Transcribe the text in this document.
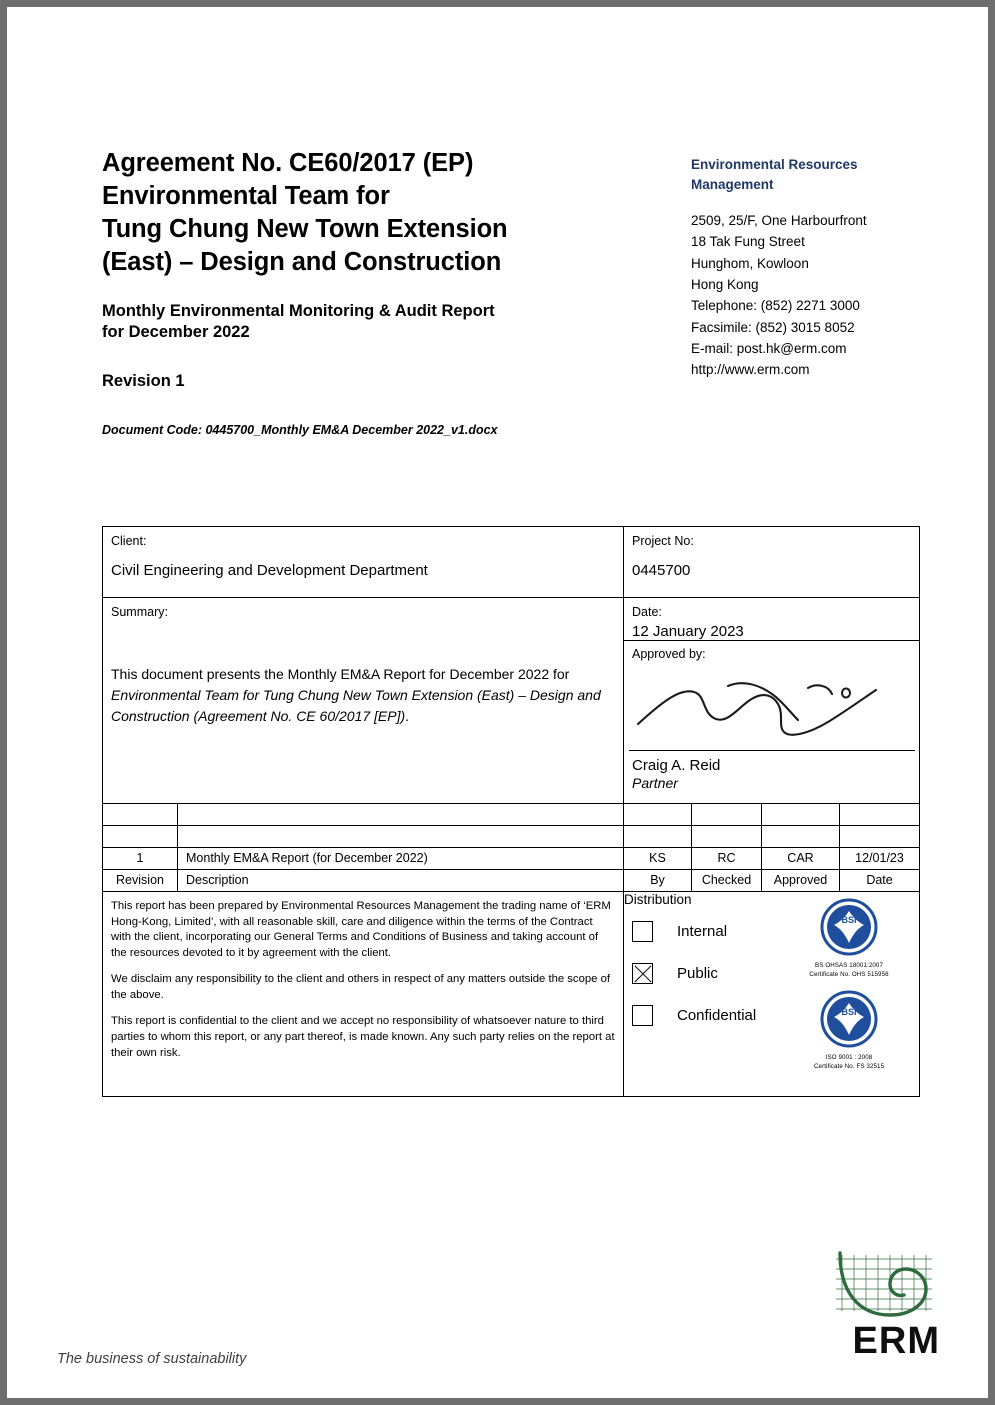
Agreement No. CE60/2017 (EP)
Environmental Team for
Tung Chung New Town Extension
(East) – Design and Construction
Monthly Environmental Monitoring & Audit Report
for December 2022
Revision 1
Document Code: 0445700_Monthly EM&A December 2022_v1.docx
Environmental Resources
Management
2509, 25/F, One Harbourfront
18 Tak Fung Street
Hunghom, Kowloon
Hong Kong
Telephone: (852) 2271 3000
Facsimile: (852) 3015 8052
E-mail: post.hk@erm.com
http://www.erm.com
Client:
Civil Engineering and Development Department

Project No:
0445700

Summary:
This document presents the Monthly EM&A Report for December 2022 for Environmental Team for Tung Chung New Town Extension (East) – Design and Construction (Agreement No. CE 60/2017 [EP]).

Date:
12 January 2023

		Approved by:
Craig A. Reid
Partner			

1	Monthly EM&A Report (for December 2022)	KS	RC	CAR	12/01/23

Revision	Description	By	Checked	Approved	Date

This report has been prepared by Environmental Resources Management the trading name of ‘ERM Hong-Kong, Limited’, with all reasonable skill, care and diligence within the terms of the Contract with the client, incorporating our General Terms and Conditions of Business and taking account of the resources devoted to it by agreement with the client.

We disclaim any responsibility to the client and others in respect of any matters outside the scope of the above.

This report is confidential to the client and we accept no responsibility of whatsoever nature to third parties to whom this report, or any part thereof, is made known. Any such party relies on the report at their own risk.

Distribution
Internal
Public
Confidential
BSI
BS OHSAS 18001:2007
Certificate No. OHS 515956
BSI
ISO 9001 : 2008
Certificate No. FS 32515
The business of sustainability	ERM
